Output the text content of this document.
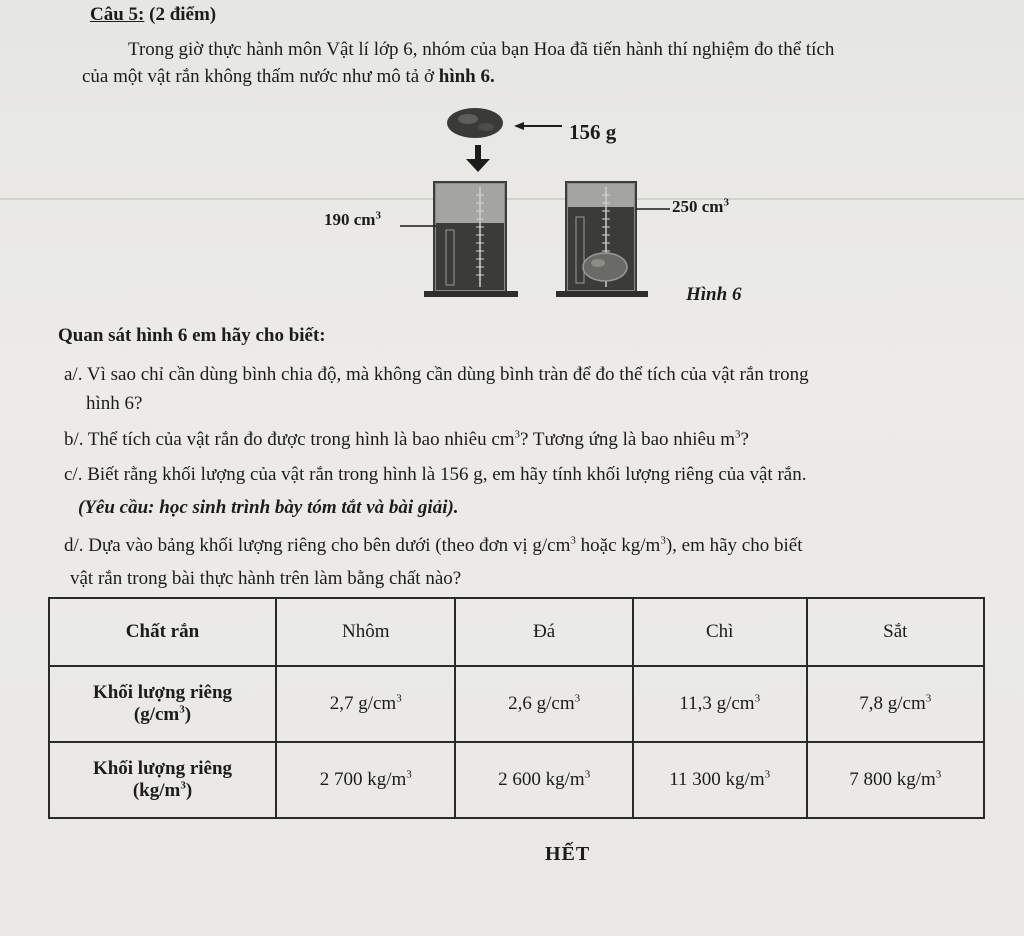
Câu 5: (2 điểm)
Trong giờ thực hành môn Vật lí lớp 6, nhóm của bạn Hoa đã tiến hành thí nghiệm đo thể tích
của một vật rắn không thấm nước như mô tả ở hình 6.
156 g
190 $cm^3$	250 $cm^3$
Hình 6
Quan sát hình 6 em hãy cho biết:
a/. Vì sao chỉ cần dùng bình chia độ, mà không cần dùng bình tràn để đo thể tích của vật rắn trong
hình 6?
b/. Thể tích của vật rắn đo được trong hình là bao nhiêu $cm^3$? Tương ứng là bao nhiêu $m^3$?
c/. Biết rằng khối lượng của vật rắn trong hình là 156 g, em hãy tính khối lượng riêng của vật rắn.
(Yêu cầu: học sinh trình bày tóm tắt và bài giải).
d/. Dựa vào bảng khối lượng riêng cho bên dưới (theo đơn vị $g/cm^3$ hoặc $kg/m^3$), em hãy cho biết
vật rắn trong bài thực hành trên làm bằng chất nào?
Chất rắn	Nhôm	Đá	Chì	Sắt
Khối lượng riêng
$(g/cm^3)$	2,7 $g/cm^3$	2,6 $g/cm^3$	11,3 $g/cm^3$	7,8 $g/cm^3$
Khối lượng riêng
$(kg/m^3)$	2 700 $kg/m^3$	2 600 $kg/m^3$	11 300 $kg/m^3$	7 800 $kg/m^3$
HẾT
